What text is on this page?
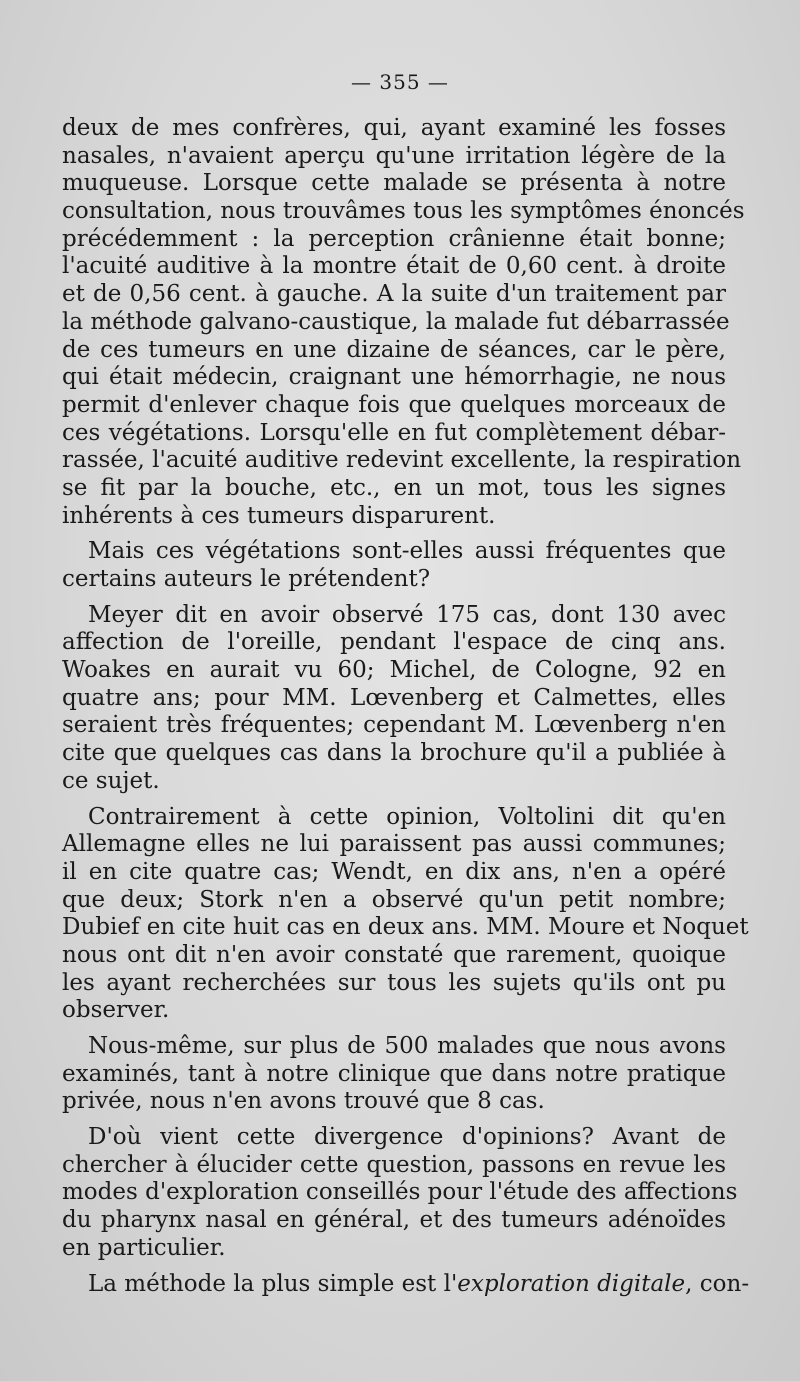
— 355 —
deux de mes confrères, qui, ayant examiné les fosses
nasales, n'avaient aperçu qu'une irritation légère de la
muqueuse. Lorsque cette malade se présenta à notre
consultation, nous trouvâmes tous les symptômes énoncés
précédemment : la perception crânienne était bonne;
l'acuité auditive à la montre était de 0,60 cent. à droite
et de 0,56 cent. à gauche. A la suite d'un traitement par
la méthode galvano-caustique, la malade fut débarrassée
de ces tumeurs en une dizaine de séances, car le père,
qui était médecin, craignant une hémorrhagie, ne nous
permit d'enlever chaque fois que quelques morceaux de
ces végétations. Lorsqu'elle en fut complètement débar-
rassée, l'acuité auditive redevint excellente, la respiration
se fit par la bouche, etc., en un mot, tous les signes
inhérents à ces tumeurs disparurent.
Mais ces végétations sont-elles aussi fréquentes que
certains auteurs le prétendent?
Meyer dit en avoir observé 175 cas, dont 130 avec
affection de l'oreille, pendant l'espace de cinq ans.
Woakes en aurait vu 60; Michel, de Cologne, 92 en
quatre ans; pour MM. Lœvenberg et Calmettes, elles
seraient très fréquentes; cependant M. Lœvenberg n'en
cite que quelques cas dans la brochure qu'il a publiée à
ce sujet.
Contrairement à cette opinion, Voltolini dit qu'en
Allemagne elles ne lui paraissent pas aussi communes;
il en cite quatre cas; Wendt, en dix ans, n'en a opéré
que deux; Stork n'en a observé qu'un petit nombre;
Dubief en cite huit cas en deux ans. MM. Moure et Noquet
nous ont dit n'en avoir constaté que rarement, quoique
les ayant recherchées sur tous les sujets qu'ils ont pu
observer.
Nous-même, sur plus de 500 malades que nous avons
examinés, tant à notre clinique que dans notre pratique
privée, nous n'en avons trouvé que 8 cas.
D'où vient cette divergence d'opinions? Avant de
chercher à élucider cette question, passons en revue les
modes d'exploration conseillés pour l'étude des affections
du pharynx nasal en général, et des tumeurs adénoïdes
en particulier.
La méthode la plus simple est l'exploration digitale, con-
